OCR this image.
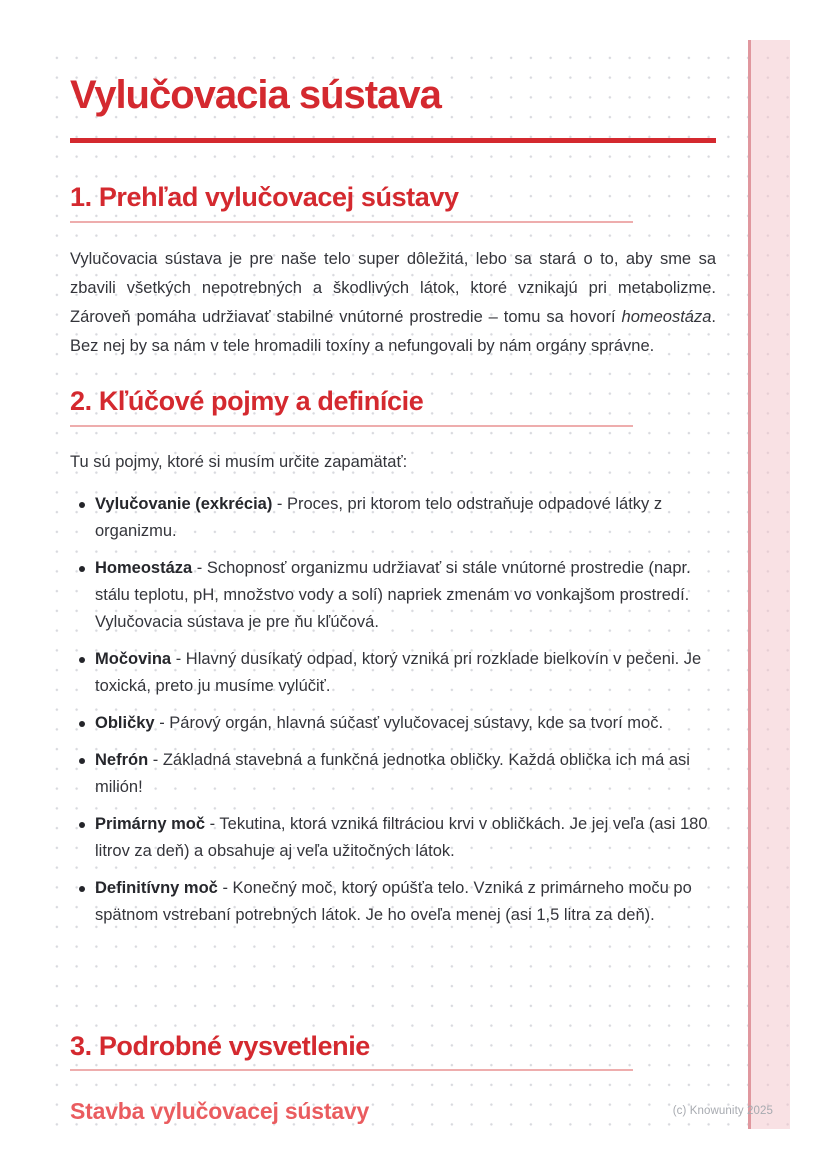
Vylučovacia sústava
1. Prehľad vylučovacej sústavy

Vylučovacia sústava je pre naše telo super dôležitá, lebo sa stará o to, aby sme sa zbavili všetkých nepotrebných a škodlivých látok, ktoré vznikajú pri metabolizme. Zároveň pomáha udržiavať stabilné vnútorné prostredie – tomu sa hovorí homeostáza. Bez nej by sa nám v tele hromadili toxíny a nefungovali by nám orgány správne.

2. Kľúčové pojmy a definície

Tu sú pojmy, ktoré si musím určite zapamätať:

Vylučovanie (exkrécia) - Proces, pri ktorom telo odstraňuje odpadové látky z organizmu.
Homeostáza - Schopnosť organizmu udržiavať si stále vnútorné prostredie (napr. stálu teplotu, pH, množstvo vody a solí) napriek zmenám vo vonkajšom prostredí. Vylučovacia sústava je pre ňu kľúčová.
Močovina - Hlavný dusíkatý odpad, ktorý vzniká pri rozklade bielkovín v pečeni. Je toxická, preto ju musíme vylúčiť.
Obličky - Párový orgán, hlavná súčasť vylučovacej sústavy, kde sa tvorí moč.
Nefrón - Základná stavebná a funkčná jednotka obličky. Každá oblička ich má asi milión!
Primárny moč - Tekutina, ktorá vzniká filtráciou krvi v obličkách. Je jej veľa (asi 180 litrov za deň) a obsahuje aj veľa užitočných látok.
Definitívny moč - Konečný moč, ktorý opúšťa telo. Vzniká z primárneho moču po spätnom vstrebaní potrebných látok. Je ho oveľa menej (asi 1,5 litra za deň).
3. Podrobné vysvetlenie
Stavba vylučovacej sústavy	(c) Knowunity 2025
